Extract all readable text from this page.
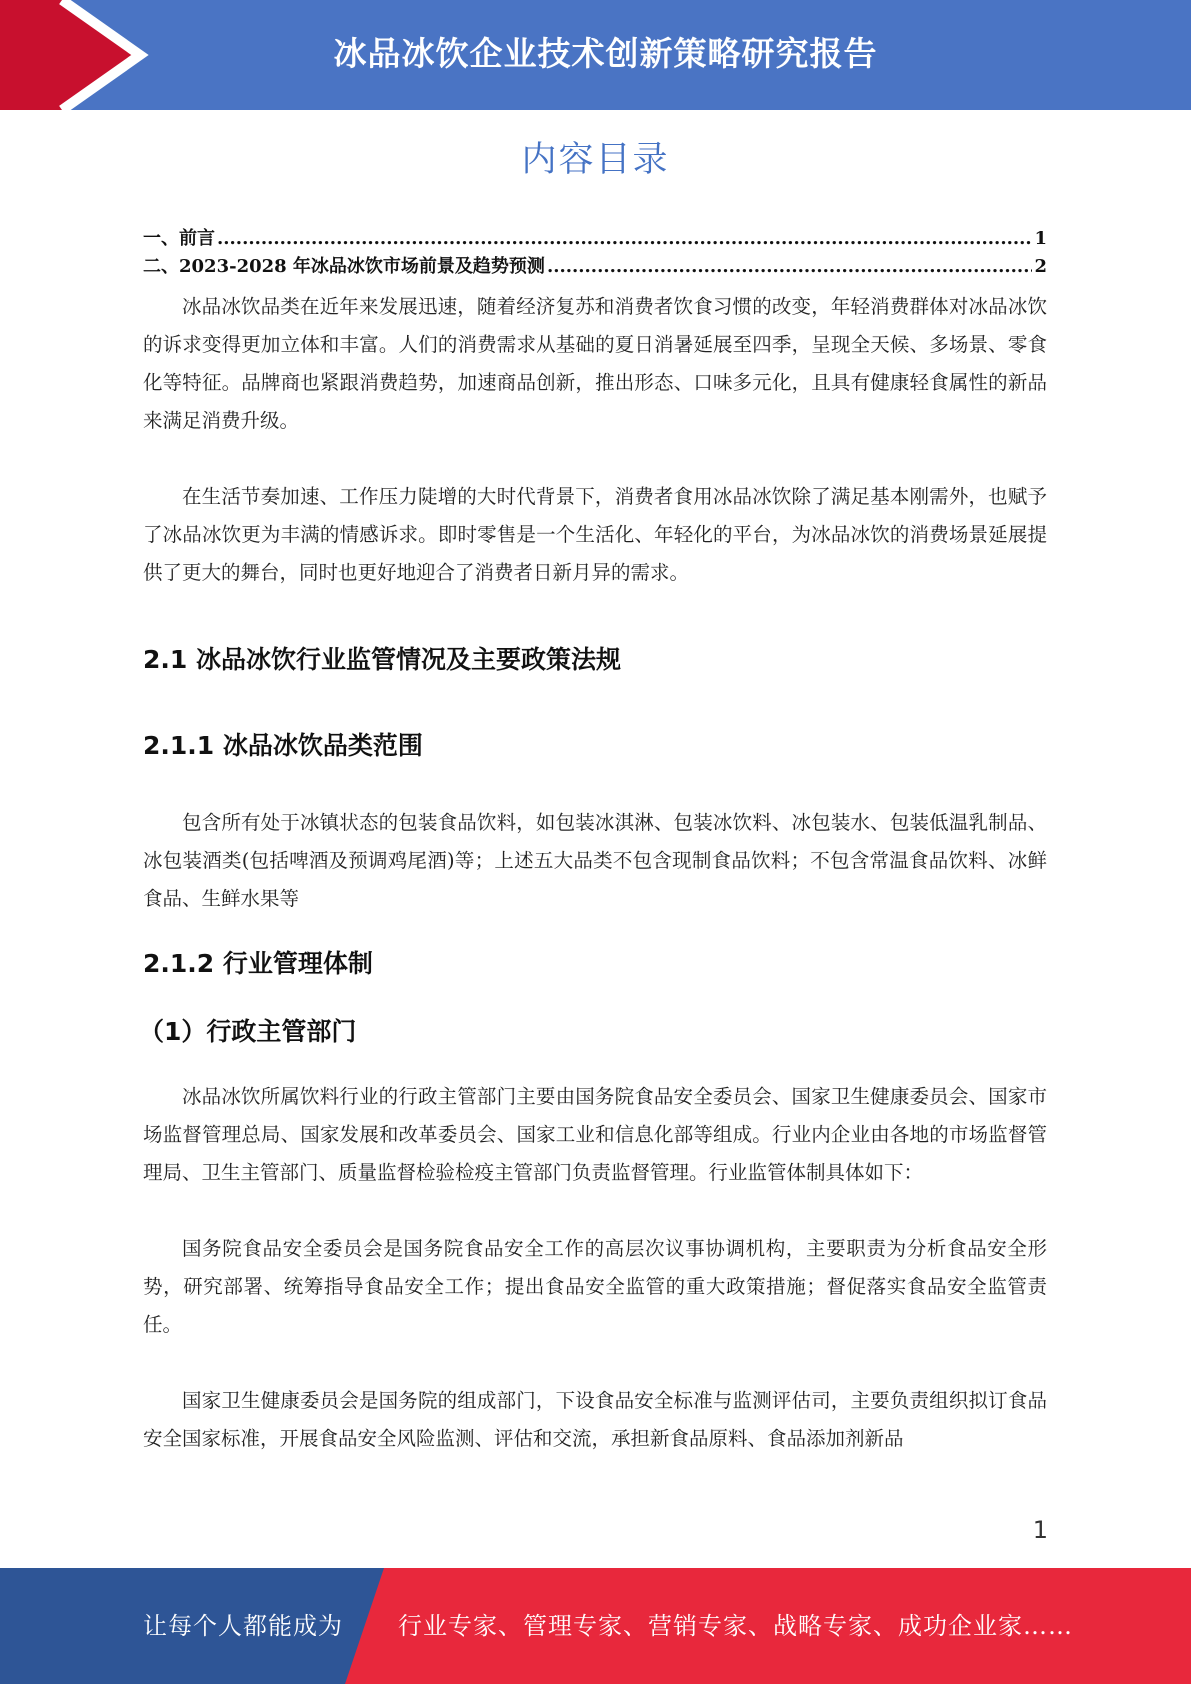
冰品冰饮企业技术创新策略研究报告
内容目录
一、前言 .....	1
二、2023-2028 年冰品冰饮市场前景及趋势预测 .....	2

冰品冰饮品类在近年来发展迅速，随着经济复苏和消费者饮食习惯的改变，年轻消费群体对冰品冰饮的诉求变得更加立体和丰富。人们的消费需求从基础的夏日消暑延展至四季，呈现全天候、多场景、零食化等特征。品牌商也紧跟消费趋势，加速商品创新，推出形态、口味多元化，且具有健康轻食属性的新品来满足消费升级。

在生活节奏加速、工作压力陡增的大时代背景下，消费者食用冰品冰饮除了满足基本刚需外，也赋予了冰品冰饮更为丰满的情感诉求。即时零售是一个生活化、年轻化的平台，为冰品冰饮的消费场景延展提供了更大的舞台，同时也更好地迎合了消费者日新月异的需求。

2.1 冰品冰饮行业监管情况及主要政策法规
2.1.1 冰品冰饮品类范围

包含所有处于冰镇状态的包装食品饮料，如包装冰淇淋、包装冰饮料、冰包装水、包装低温乳制品、冰包装酒类(包括啤酒及预调鸡尾酒)等；上述五大品类不包含现制食品饮料；不包含常温食品饮料、冰鲜食品、生鲜水果等

2.1.2 行业管理体制
（1）行政主管部门

冰品冰饮所属饮料行业的行政主管部门主要由国务院食品安全委员会、国家卫生健康委员会、国家市场监督管理总局、国家发展和改革委员会、国家工业和信息化部等组成。行业内企业由各地的市场监督管理局、卫生主管部门、质量监督检验检疫主管部门负责监督管理。行业监管体制具体如下：

国务院食品安全委员会是国务院食品安全工作的高层次议事协调机构，主要职责为分析食品安全形势，研究部署、统筹指导食品安全工作；提出食品安全监管的重大政策措施；督促落实食品安全监管责任。

国家卫生健康委员会是国务院的组成部门，下设食品安全标准与监测评估司，主要负责组织拟订食品安全国家标准，开展食品安全风险监测、评估和交流，承担新食品原料、食品添加剂新品

1
让每个人都能成为 行业专家、管理专家、营销专家、战略专家、成功企业家……
